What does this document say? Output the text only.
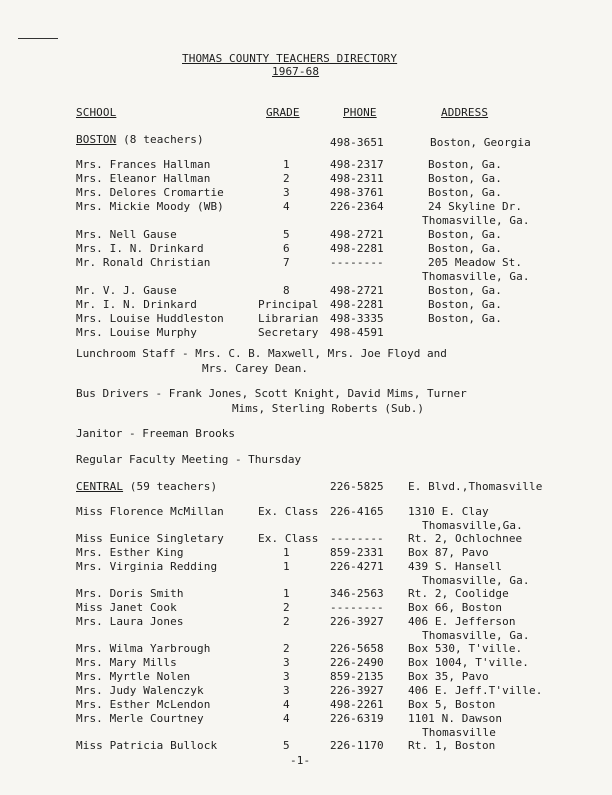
THOMAS COUNTY TEACHERS DIRECTORY
1967-68
SCHOOL	GRADE	PHONE	ADDRESS
BOSTON (8 teachers)	498-3651	Boston, Georgia
Mrs. Frances Hallman	1	498-2317	Boston, Ga.
Mrs. Eleanor Hallman	2	498-2311	Boston, Ga.
Mrs. Delores Cromartie	3	498-3761	Boston, Ga.
Mrs. Mickie Moody (WB)	4	226-2364	24 Skyline Dr.
Thomasville, Ga.
Mrs. Nell Gause	5	498-2721	Boston, Ga.
Mrs. I. N. Drinkard	6	498-2281	Boston, Ga.
Mr. Ronald Christian	7	--------	205 Meadow St.
Thomasville, Ga.
Mr. V. J. Gause	8	498-2721	Boston, Ga.
Mr. I. N. Drinkard	Principal 498-2281	Boston, Ga.
Mrs. Louise Huddleston	Librarian 498-3335	Boston, Ga.
Mrs. Louise Murphy	Secretary 498-4591
Lunchroom Staff - Mrs. C. B. Maxwell, Mrs. Joe Floyd and
Mrs. Carey Dean.
Bus Drivers - Frank Jones, Scott Knight, David Mims, Turner
Mims, Sterling Roberts (Sub.)
Janitor - Freeman Brooks
Regular Faculty Meeting - Thursday
CENTRAL (59 teachers)	226-5825 E. Blvd.,Thomasville
Miss Florence McMillan	Ex. Class 226-4165 1310 E. Clay
Thomasville,Ga.
Miss Eunice Singletary	Ex. Class -------- Rt. 2, Ochlochnee
Mrs. Esther King	1	859-2331 Box 87, Pavo
Mrs. Virginia Redding	1	226-4271 439 S. Hansell
Thomasville, Ga.
Mrs. Doris Smith	1	346-2563 Rt. 2, Coolidge
Miss Janet Cook	2	-------- Box 66, Boston
Mrs. Laura Jones	2	226-3927 406 E. Jefferson
Thomasville, Ga.
Mrs. Wilma Yarbrough	2	226-5658 Box 530, T'ville.
Mrs. Mary Mills	3	226-2490 Box 1004, T'ville.
Mrs. Myrtle Nolen	3	859-2135 Box 35, Pavo
Mrs. Judy Walenczyk	3	226-3927 406 E. Jeff.T'ville.
Mrs. Esther McLendon	4	498-2261 Box 5, Boston
Mrs. Merle Courtney	4	226-6319 1101 N. Dawson
Thomasville
Miss Patricia Bullock	5	226-1170 Rt. 1, Boston
-1-
